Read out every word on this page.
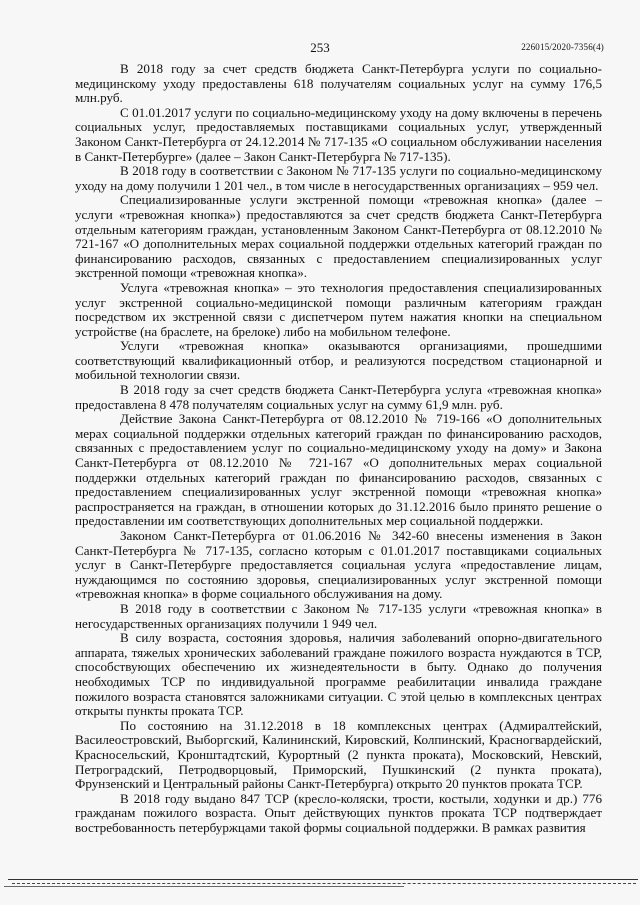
253	226015/2020-7356(4)

В 2018 году за счет средств бюджета Санкт-Петербурга услуги по социально-медицинскому уходу предоставлены 618 получателям социальных услуг на сумму 176,5 млн.руб.

С 01.01.2017 услуги по социально-медицинскому уходу на дому включены в перечень социальных услуг, предоставляемых поставщиками социальных услуг, утвержденный Законом Санкт-Петербурга от 24.12.2014 № 717-135 «О социальном обслуживании населения в Санкт-Петербурге» (далее – Закон Санкт-Петербурга № 717-135).

В 2018 году в соответствии с Законом № 717-135 услуги по социально-медицинскому уходу на дому получили 1 201 чел., в том числе в негосударственных организациях – 959 чел.

Специализированные услуги экстренной помощи «тревожная кнопка» (далее – услуги «тревожная кнопка») предоставляются за счет средств бюджета Санкт-Петербурга отдельным категориям граждан, установленным Законом Санкт-Петербурга от 08.12.2010 № 721-167 «О дополнительных мерах социальной поддержки отдельных категорий граждан по финансированию расходов, связанных с предоставлением специализированных услуг экстренной помощи «тревожная кнопка».

Услуга «тревожная кнопка» – это технология предоставления специализированных услуг экстренной социально-медицинской помощи различным категориям граждан посредством их экстренной связи с диспетчером путем нажатия кнопки на специальном устройстве (на браслете, на брелоке) либо на мобильном телефоне.

Услуги «тревожная кнопка» оказываются организациями, прошедшими соответствующий квалификационный отбор, и реализуются посредством стационарной и мобильной технологии связи.

В 2018 году за счет средств бюджета Санкт-Петербурга услуга «тревожная кнопка» предоставлена 8 478 получателям социальных услуг на сумму 61,9 млн. руб.

Действие Закона Санкт-Петербурга от 08.12.2010 № 719-166 «О дополнительных мерах социальной поддержки отдельных категорий граждан по финансированию расходов, связанных с предоставлением услуг по социально-медицинскому уходу на дому» и Закона Санкт-Петербурга от 08.12.2010 № 721-167 «О дополнительных мерах социальной поддержки отдельных категорий граждан по финансированию расходов, связанных с предоставлением специализированных услуг экстренной помощи «тревожная кнопка» распространяется на граждан, в отношении которых до 31.12.2016 было принято решение о предоставлении им соответствующих дополнительных мер социальной поддержки.

Законом Санкт-Петербурга от 01.06.2016 № 342-60 внесены изменения в Закон Санкт-Петербурга № 717-135, согласно которым с 01.01.2017 поставщиками социальных услуг в Санкт-Петербурге предоставляется социальная услуга «предоставление лицам, нуждающимся по состоянию здоровья, специализированных услуг экстренной помощи «тревожная кнопка» в форме социального обслуживания на дому.

В 2018 году в соответствии с Законом № 717-135 услуги «тревожная кнопка» в негосударственных организациях получили 1 949 чел.

В силу возраста, состояния здоровья, наличия заболеваний опорно-двигательного аппарата, тяжелых хронических заболеваний граждане пожилого возраста нуждаются в ТСР, способствующих обеспечению их жизнедеятельности в быту. Однако до получения необходимых ТСР по индивидуальной программе реабилитации инвалида граждане пожилого возраста становятся заложниками ситуации. С этой целью в комплексных центрах открыты пункты проката ТСР.

По состоянию на 31.12.2018 в 18 комплексных центрах (Адмиралтейский, Василеостровский, Выборгский, Калининский, Кировский, Колпинский, Красногвардейский, Красносельский, Кронштадтский, Курортный (2 пункта проката), Московский, Невский, Петроградский, Петродворцовый, Приморский, Пушкинский (2 пункта проката), Фрунзенский и Центральный районы Санкт-Петербурга) открыто 20 пунктов проката ТСР.

В 2018 году выдано 847 ТСР (кресло-коляски, трости, костыли, ходунки и др.) 776 гражданам пожилого возраста. Опыт действующих пунктов проката ТСР подтверждает востребованность петербуржцами такой формы социальной поддержки. В рамках развития
